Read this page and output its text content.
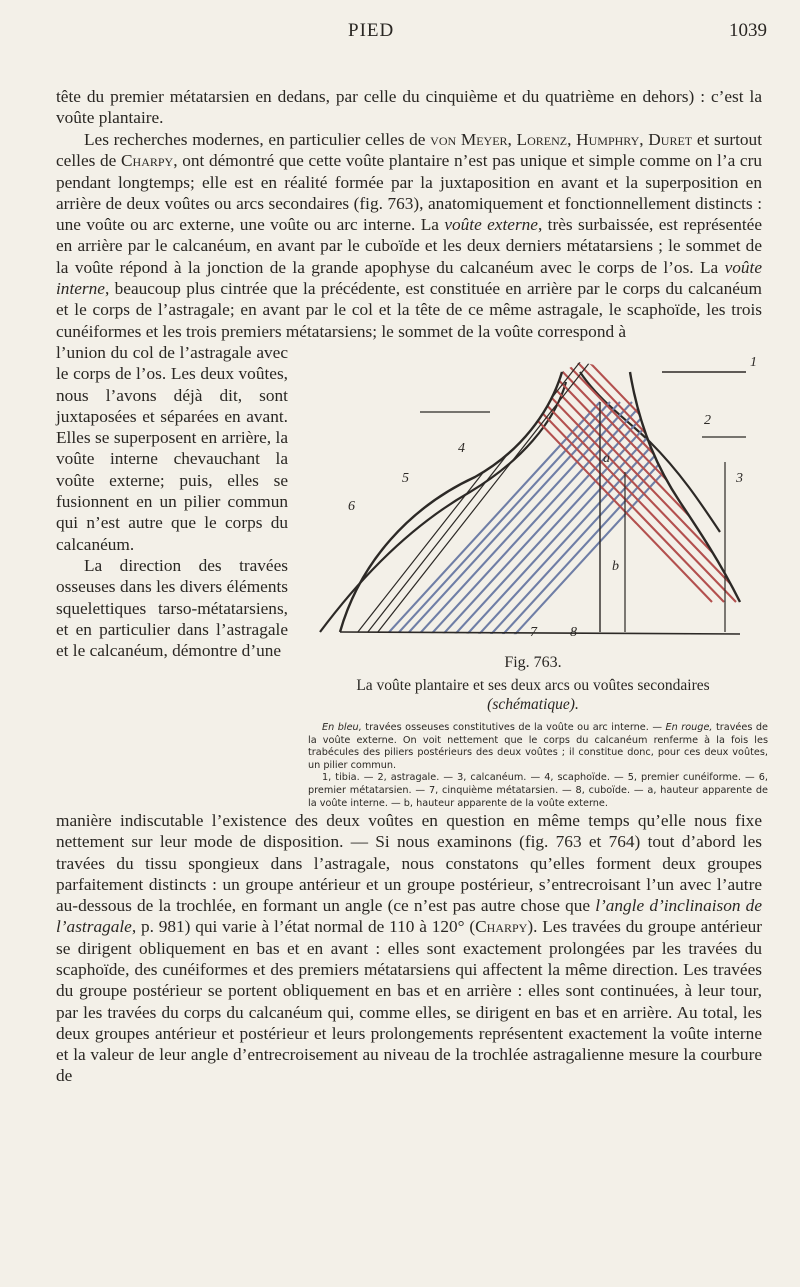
PIED	1039
tête du premier métatarsien en dedans, par celle du cinquième et du quatrième en dehors) : c’est la voûte plantaire.
Les recherches modernes, en particulier celles de von Meyer, Lorenz, Humphry, Duret et surtout celles de Charpy, ont démontré que cette voûte plantaire n’est pas unique et simple comme on l’a cru pendant longtemps; elle est en réalité formée par la juxtaposition en avant et la superposition en arrière de deux voûtes ou arcs secondaires (fig. 763), anatomiquement et fonctionnellement distincts : une voûte ou arc externe, une voûte ou arc interne. La voûte externe, très surbaissée, est représentée en arrière par le calcanéum, en avant par le cuboïde et les deux derniers métatarsiens ; le sommet de la voûte répond à la jonction de la grande apophyse du calcanéum avec le corps de l’os. La voûte interne, beaucoup plus cintrée que la précédente, est constituée en arrière par le corps du calcanéum et le corps de l’astragale; en avant par le col et la tête de ce même astragale, le scaphoïde, les trois cunéiformes et les trois premiers métatarsiens; le sommet de la voûte correspond à
l’union du col de l’astragale avec le corps de l’os. Les deux voûtes, nous l’avons déjà dit, sont juxtaposées et séparées en avant. Elles se superposent en arrière, la voûte interne chevauchant la voûte externe; puis, elles se fusionnent en un pilier commun qui n’est autre que le corps du calcanéum.
La direction des travées osseuses dans les divers éléments squelettiques tarso-métatarsiens, et en particulier dans l’astragale et le calcanéum, démontre d’une
1
2
3
4
5
6
7 8
a
b
Fig. 763.
La voûte plantaire et ses deux arcs ou voûtes secondaires
(schématique).
En bleu, travées osseuses constitutives de la voûte ou arc interne. — En rouge, travées de la voûte externe. On voit nettement que le corps du calcanéum renferme à la fois les trabécules des piliers postérieurs des deux voûtes ; il constitue donc, pour ces deux voûtes, un pilier commun.
1, tibia. — 2, astragale. — 3, calcanéum. — 4, scaphoïde. — 5, premier cunéiforme. — 6, premier métatarsien. — 7, cinquième métatarsien. — 8, cuboïde. — a, hauteur apparente de la voûte interne. — b, hauteur apparente de la voûte externe.
manière indiscutable l’existence des deux voûtes en question en même temps qu’elle nous fixe nettement sur leur mode de disposition. — Si nous examinons (fig. 763 et 764) tout d’abord les travées du tissu spongieux dans l’astragale, nous constatons qu’elles forment deux groupes parfaitement distincts : un groupe antérieur et un groupe postérieur, s’entrecroisant l’un avec l’autre au-dessous de la trochlée, en formant un angle (ce n’est pas autre chose que l’angle d’inclinaison de l’astragale, p. 981) qui varie à l’état normal de 110 à 120° (Charpy). Les travées du groupe antérieur se dirigent obliquement en bas et en avant : elles sont exactement prolongées par les travées du scaphoïde, des cunéiformes et des premiers métatarsiens qui affectent la même direction. Les travées du groupe postérieur se portent obliquement en bas et en arrière : elles sont continuées, à leur tour, par les travées du corps du calcanéum qui, comme elles, se dirigent en bas et en arrière. Au total, les deux groupes antérieur et postérieur et leurs prolongements représentent exactement la voûte interne et la valeur de leur angle d’entrecroisement au niveau de la trochlée astragalienne mesure la courbure de
